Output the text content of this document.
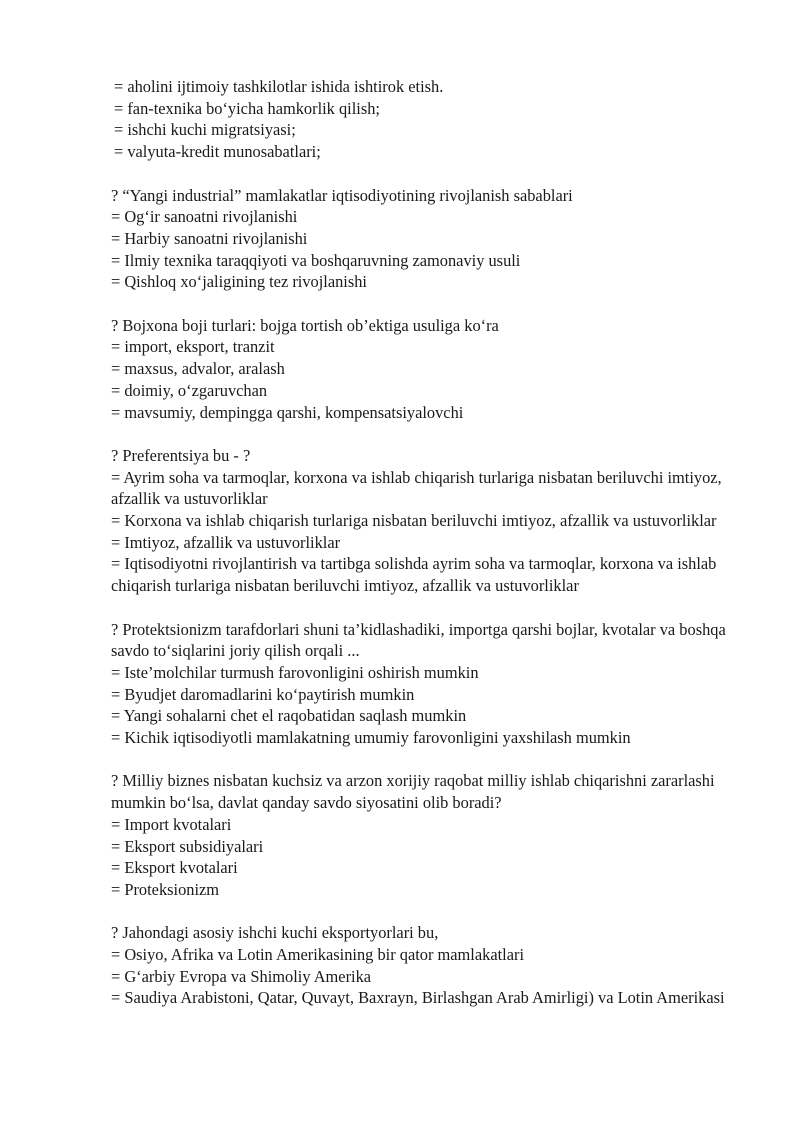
= aholini ijtimoiy tashkilotlar ishida ishtirok etish.

= fan-texnika bo‘yicha hamkorlik qilish;

= ishchi kuchi migratsiyasi;

= valyuta-kredit munosabatlari;

? “Yangi industrial” mamlakatlar iqtisodiyotining rivojlanish sabablari

= Og‘ir sanoatni rivojlanishi

= Harbiy sanoatni rivojlanishi

= Ilmiy texnika taraqqiyoti va boshqaruvning zamonaviy usuli

= Qishloq xo‘jaligining tez rivojlanishi

? Bojxona boji turlari: bojga tortish ob’ektiga usuliga ko‘ra

= import, eksport, tranzit

= maxsus, advalor, aralash

= doimiy, o‘zgaruvchan

= mavsumiy, dempingga qarshi, kompensatsiyalovchi

? Preferentsiya bu - ?

= Ayrim soha va tarmoqlar, korxona va ishlab chiqarish turlariga nisbatan beriluvchi imtiyoz, afzallik va ustuvorliklar

= Korxona va ishlab chiqarish turlariga nisbatan beriluvchi imtiyoz, afzallik va ustuvorliklar

= Imtiyoz, afzallik va ustuvorliklar

= Iqtisodiyotni rivojlantirish va tartibga solishda ayrim soha va tarmoqlar, korxona va ishlab chiqarish turlariga nisbatan beriluvchi imtiyoz, afzallik va ustuvorliklar

? Protektsionizm tarafdorlari shuni ta’kidlashadiki, importga qarshi bojlar, kvotalar va boshqa savdo to‘siqlarini joriy qilish orqali ...

= Iste’molchilar turmush farovonligini oshirish mumkin

= Byudjet daromadlarini ko‘paytirish mumkin

= Yangi sohalarni chet el raqobatidan saqlash mumkin

= Kichik iqtisodiyotli mamlakatning umumiy farovonligini yaxshilash mumkin

? Milliy biznes nisbatan kuchsiz va arzon xorijiy raqobat milliy ishlab chiqarishni zararlashi mumkin bo‘lsa, davlat qanday savdo siyosatini olib boradi?

= Import kvotalari

= Eksport subsidiyalari

= Eksport kvotalari

= Proteksionizm

? Jahondagi asosiy ishchi kuchi eksportyorlari bu,

= Osiyo, Afrika va Lotin Amerikasining bir qator mamlakatlari

= G‘arbiy Evropa va Shimoliy Amerika

= Saudiya Arabistoni, Qatar, Quvayt, Baxrayn, Birlashgan Arab Amirligi) va Lotin Amerikasi
